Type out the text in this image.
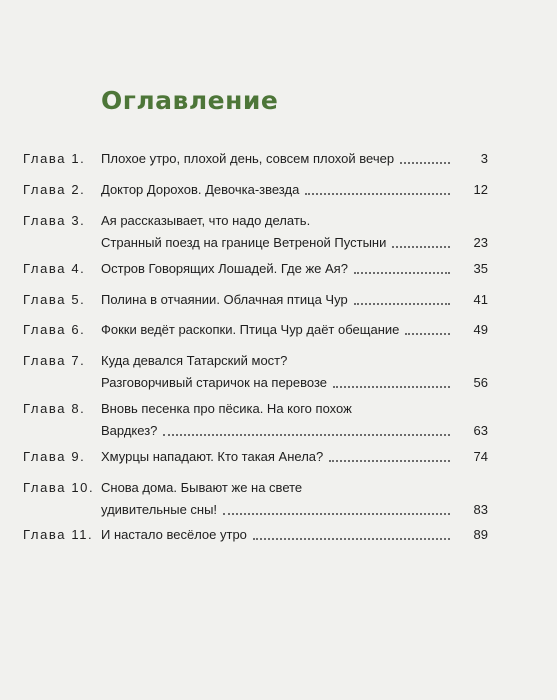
Оглавление
Глава 1.	Плохое утро, плохой день, совсем плохой вечер	3
Глава 2.	Доктор Дорохов. Девочка-звезда	12
Глава 3.	Ая рассказывает, что надо делать.
Странный поезд на границе Ветреной Пустыни	23
Глава 4.	Остров Говорящих Лошадей. Где же Ая?	35
Глава 5.	Полина в отчаянии. Облачная птица Чур	41
Глава 6.	Фокки ведёт раскопки. Птица Чур даёт обещание	49
Глава 7.	Куда девался Татарский мост?
Разговорчивый старичок на перевозе	56
Глава 8.	Вновь песенка про пёсика. На кого похож
Вардкез?	63
Глава 9.	Хмурцы нападают. Кто такая Анела?	74
Глава 10. Снова дома. Бывают же на свете
удивительные сны!	83
Глава 11. И настало весёлое утро	89
